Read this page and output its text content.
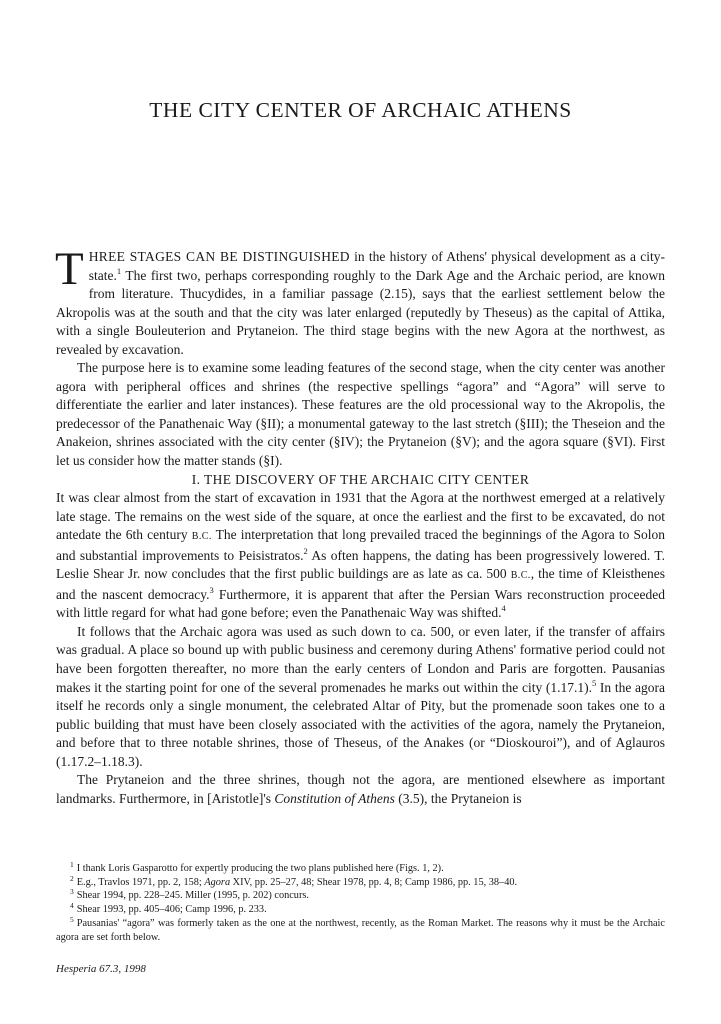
THE CITY CENTER OF ARCHAIC ATHENS

THREE STAGES CAN BE DISTINGUISHED in the history of Athens' physical development as a city-state.$^1$ The first two, perhaps corresponding roughly to the Dark Age and the Archaic period, are known from literature. Thucydides, in a familiar passage (2.15), says that the earliest settlement below the Akropolis was at the south and that the city was later enlarged (reputedly by Theseus) as the capital of Attika, with a single Bouleuterion and Prytaneion. The third stage begins with the new Agora at the northwest, as revealed by excavation.

The purpose here is to examine some leading features of the second stage, when the city center was another agora with peripheral offices and shrines (the respective spellings “agora” and “Agora” will serve to differentiate the earlier and later instances). These features are the old processional way to the Akropolis, the predecessor of the Panathenaic Way (§II); a monumental gateway to the last stretch (§III); the Theseion and the Anakeion, shrines associated with the city center (§IV); the Prytaneion (§V); and the agora square (§VI). First let us consider how the matter stands (§I).

I. THE DISCOVERY OF THE ARCHAIC CITY CENTER

It was clear almost from the start of excavation in 1931 that the Agora at the northwest emerged at a relatively late stage. The remains on the west side of the square, at once the earliest and the first to be excavated, do not antedate the 6th century B.C. The interpretation that long prevailed traced the beginnings of the Agora to Solon and substantial improvements to Peisistratos.$^2$ As often happens, the dating has been progressively lowered. T. Leslie Shear Jr. now concludes that the first public buildings are as late as ca. 500 B.C., the time of Kleisthenes and the nascent democracy.$^3$ Furthermore, it is apparent that after the Persian Wars reconstruction proceeded with little regard for what had gone before; even the Panathenaic Way was shifted.$^4$

It follows that the Archaic agora was used as such down to ca. 500, or even later, if the transfer of affairs was gradual. A place so bound up with public business and ceremony during Athens' formative period could not have been forgotten thereafter, no more than the early centers of London and Paris are forgotten. Pausanias makes it the starting point for one of the several promenades he marks out within the city (1.17.1).$^5$ In the agora itself he records only a single monument, the celebrated Altar of Pity, but the promenade soon takes one to a public building that must have been closely associated with the activities of the agora, namely the Prytaneion, and before that to three notable shrines, those of Theseus, of the Anakes (or “Dioskouroi”), and of Aglauros (1.17.2–1.18.3).

The Prytaneion and the three shrines, though not the agora, are mentioned elsewhere as important landmarks. Furthermore, in [Aristotle]'s Constitution of Athens (3.5), the Prytaneion is

$^1$ I thank Loris Gasparotto for expertly producing the two plans published here (Figs. 1, 2).

$^2$ E.g., Travlos 1971, pp. 2, 158; Agora XIV, pp. 25–27, 48; Shear 1978, pp. 4, 8; Camp 1986, pp. 15, 38–40.

$^3$ Shear 1994, pp. 228–245. Miller (1995, p. 202) concurs.

$^4$ Shear 1993, pp. 405–406; Camp 1996, p. 233.

$^5$ Pausanias' “agora” was formerly taken as the one at the northwest, recently, as the Roman Market. The reasons why it must be the Archaic agora are set forth below.

Hesperia 67.3, 1998
